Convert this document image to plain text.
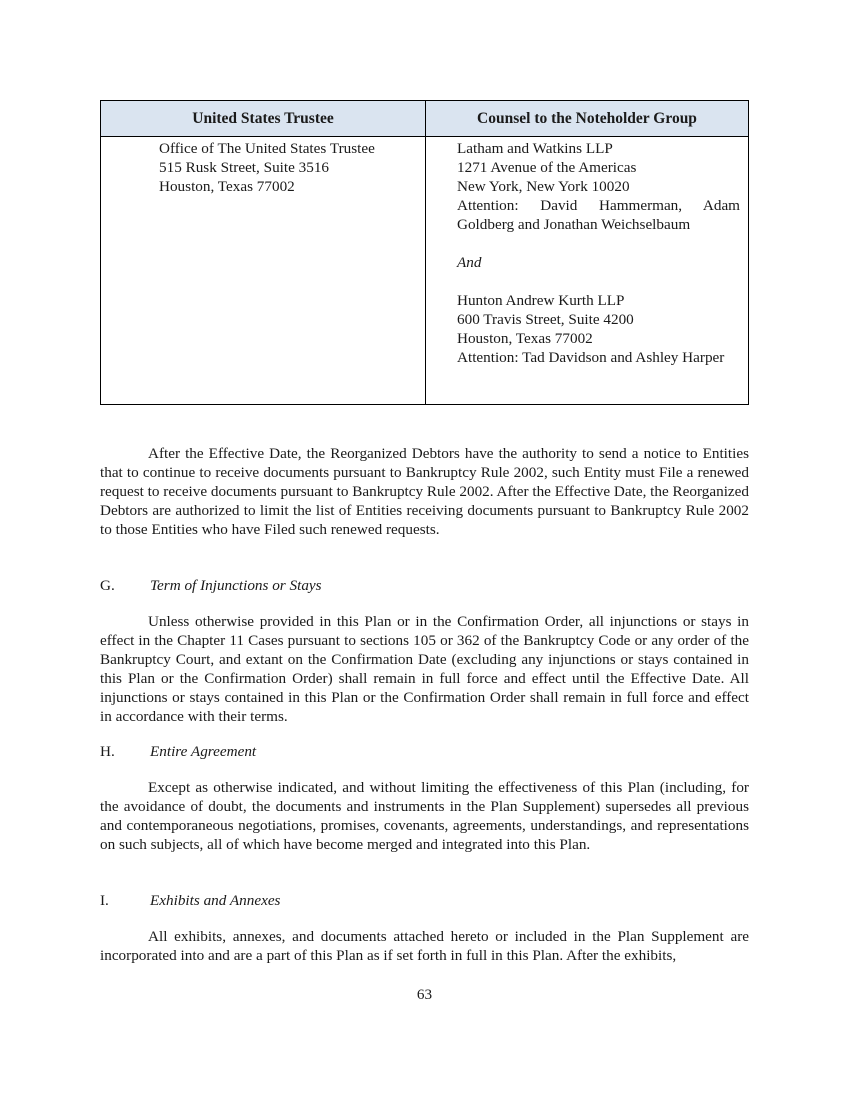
United States Trustee
Office of The United States Trustee
515 Rusk Street, Suite 3516
Houston, Texas 77002
Counsel to the Noteholder Group
Latham and Watkins LLP
1271 Avenue of the Americas
New York, New York 10020
Attention: David Hammerman, Adam Goldberg and Jonathan Weichselbaum
And
Hunton Andrew Kurth LLP
600 Travis Street, Suite 4200
Houston, Texas 77002
Attention: Tad Davidson and Ashley Harper

After the Effective Date, the Reorganized Debtors have the authority to send a notice to Entities that to continue to receive documents pursuant to Bankruptcy Rule 2002, such Entity must File a renewed request to receive documents pursuant to Bankruptcy Rule 2002. After the Effective Date, the Reorganized Debtors are authorized to limit the list of Entities receiving documents pursuant to Bankruptcy Rule 2002 to those Entities who have Filed such renewed requests.

G. Term of Injunctions or Stays

Unless otherwise provided in this Plan or in the Confirmation Order, all injunctions or stays in effect in the Chapter 11 Cases pursuant to sections 105 or 362 of the Bankruptcy Code or any order of the Bankruptcy Court, and extant on the Confirmation Date (excluding any injunctions or stays contained in this Plan or the Confirmation Order) shall remain in full force and effect until the Effective Date. All injunctions or stays contained in this Plan or the Confirmation Order shall remain in full force and effect in accordance with their terms.

H. Entire Agreement

Except as otherwise indicated, and without limiting the effectiveness of this Plan (including, for the avoidance of doubt, the documents and instruments in the Plan Supplement) supersedes all previous and contemporaneous negotiations, promises, covenants, agreements, understandings, and representations on such subjects, all of which have become merged and integrated into this Plan.

I.	Exhibits and Annexes

All exhibits, annexes, and documents attached hereto or included in the Plan Supplement are incorporated into and are a part of this Plan as if set forth in full in this Plan. After the exhibits,

63
